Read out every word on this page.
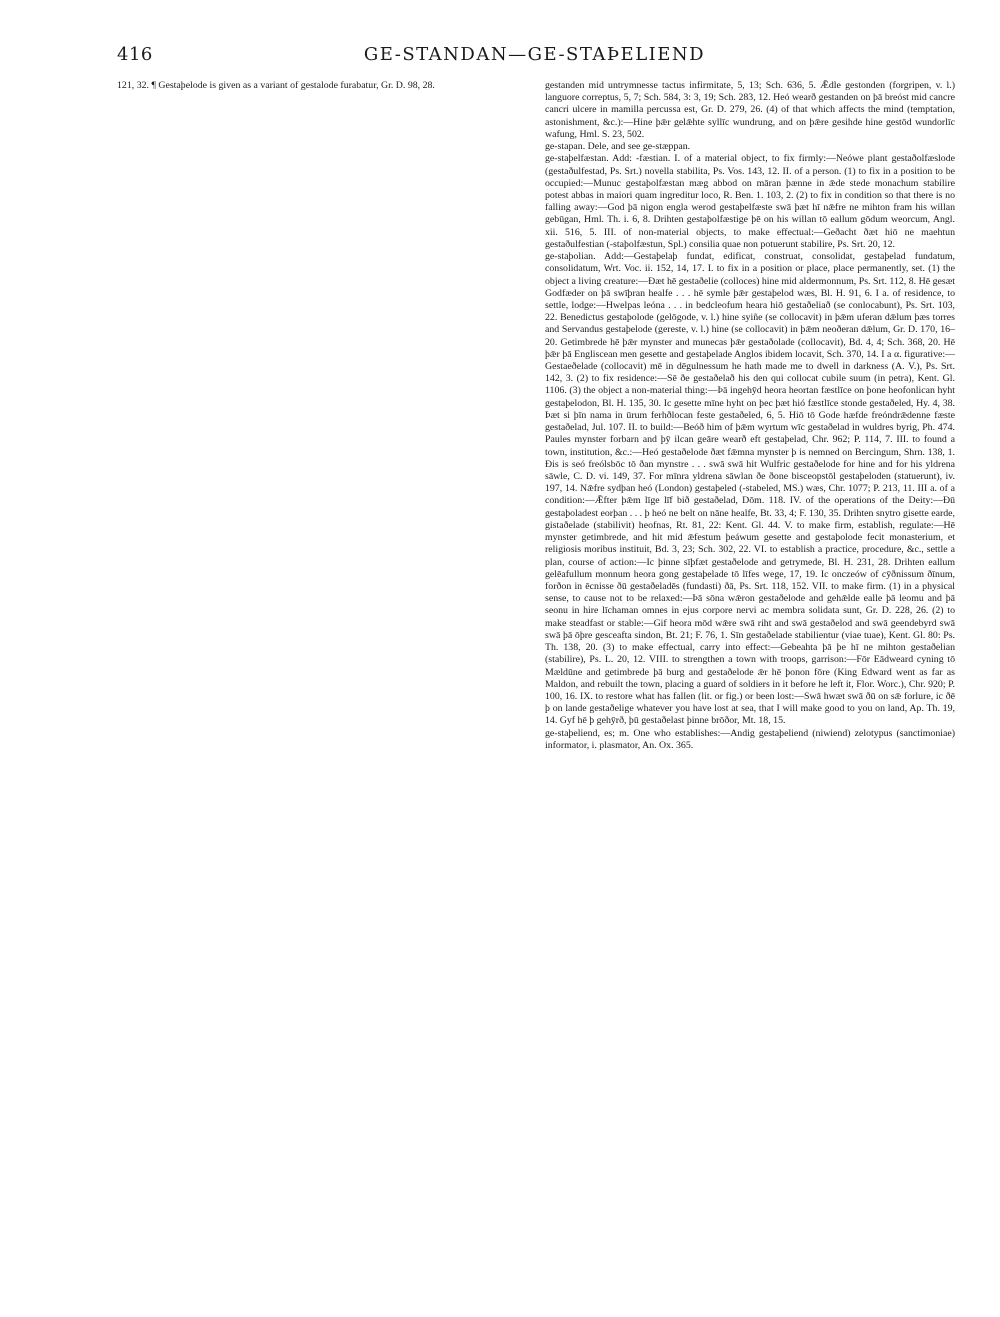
416	GE-STANDAN—GE-STAÞELIEND

121, 32. ¶ Gestaþelode is given as a variant of gestalode furabatur, Gr. D. 98, 28.	gestanden mid untrymnesse tactus infirmitate, 5, 13; Sch. 636, 5. Ǣdle gestonden (forgripen, v. l.) languore correptus, 5, 7; Sch. 584, 3: 3, 19; Sch. 283, 12. Heó wearð gestanden on þā breóst mid cancre cancri ulcere in mamilla percussa est, Gr. D. 279, 26. (4) of that which affects the mind (temptation, astonishment, &c.):—Hine þǣr gelǣhte syllīc wundrung, and on þǣre gesihde hine gestōd wundorlīc wafung, Hml. S. 23, 502.

ge-stapan. Dele, and see ge-stæppan.

ge-staþelfæstan. Add: -fæstian. I. of a material object, to fix firmly:—Neówe plant gestaðolfæslode (gestaðulfestad, Ps. Srt.) novella stabilita, Ps. Vos. 143, 12. II. of a person. (1) to fix in a position to be occupied:—Munuc gestaþolfæstan mæg abbod on māran þænne in ǣde stede monachum stabilire potest abbas in maiori quam ingreditur loco, R. Ben. 1. 103, 2. (2) to fix in condition so that there is no falling away:—God þā nigon engla werod gestaþelfæste swā þæt hī nǣfre ne mihton fram his willan gebūgan, Hml. Th. i. 6, 8. Drihten gestaþolfæstige þē on his willan tō eallum gōdum weorcum, Angl. xii. 516, 5. III. of non-material objects, to make effectual:—Geðacht ðæt hiō ne maehtun gestaðulfestian (-staþolfæstun, Spl.) consilia quae non potuerunt stabilire, Ps. Srt. 20, 12.

ge-staþolian. Add:—Gestaþelaþ fundat, edificat, construat, consolidat, gestaþelad fundatum, consolidatum, Wrt. Voc. ii. 152, 14, 17. I. to fix in a position or place, place permanently, set. (1) the object a living creature:—Ðæt hē gestaðelie (colloces) hine mid aldermonnum, Ps. Srt. 112, 8. Hē gesæt Godfæder on þā swīþran healfe . . . hē symle þǣr gestaþelod wæs, Bl. H. 91, 6. I a. of residence, to settle, lodge:—Hwelpas leóna . . . in bedcleofum heara hiō gestaðeliað (se conlocabunt), Ps. Srt. 103, 22. Benedictus gestaþolode (gelōgode, v. l.) hine syiñe (se collocavit) in þǣm uferan dǣlum þæs torres and Servandus gestaþelode (gereste, v. l.) hine (se collocavit) in þǣm neoðeran dǣlum, Gr. D. 170, 16–20. Getimbrede hē þǣr mynster and munecas þǣr gestaðolade (collocavit), Bd. 4, 4; Sch. 368, 20. Hē þǣr þā Engliscean men gesette and gestaþelade Anglos ibidem locavit, Sch. 370, 14. I a α. figurative:—Gestaeðelade (collocavit) mē in dēgulnessum he hath made me to dwell in darkness (A. V.), Ps. Srt. 142, 3. (2) to fix residence:—Sē ðe gestaðelað his den qui collocat cubile suum (in petra), Kent. Gl. 1106. (3) the object a non-material thing:—Þā ingehȳd heora heortan fæstlīce on þone heofonlican hyht gestaþelodon, Bl. H. 135, 30. Ic gesette mīne hyht on þec þæt hió fæstlīce stonde gestaðeled, Hy. 4, 38. Þæt si þīn nama in ūrum ferhðlocan feste gestaðeled, 6, 5. Hiō tō Gode hæfde freóndrǣdenne fæste gestaðelad, Jul. 107. II. to build:—Beóð him of þǣm wyrtum wīc gestaðelad in wuldres byrig, Ph. 474. Paules mynster forbarn and þȳ ilcan geāre wearð eft gestaþelad, Chr. 962; P. 114, 7. III. to found a town, institution, &c.:—Heó gestaðelode ðæt fǣmna mynster þ is nemned on Bercingum, Shrn. 138, 1. Ðis is seó freólsbōc tō ðan mynstre . . . swā swā hit Wulfric gestaðelode for hine and for his yldrena sāwle, C. D. vi. 149, 37. For mīnra yldrena sāwlan ðe ðone bisceopstōl gestaþeloden (statuerunt), iv. 197, 14. Nǣfre sydþan heó (London) gestaþeled (-stabeled, MS.) wæs, Chr. 1077; P. 213, 11. III a. of a condition:—Ǣfter þǣm līge lī̄f bið gestaðelad, Dōm. 118. IV. of the operations of the Deity:—Ðū gestaþoladest eorþan . . . þ heó ne belt on nāne healfe, Bt. 33, 4; F. 130, 35. Drihten snytro gisette earde, gistaðelade (stabilivit) heofnas, Rt. 81, 22: Kent. Gl. 44. V. to make firm, establish, regulate:—Hē mynster getimbrede, and hit mid ǣfestum þeáwum gesette and gestaþolode fecit monasterium, et religiosis moribus instituit, Bd. 3, 23; Sch. 302, 22. VI. to establish a practice, procedure, &c., settle a plan, course of action:—Ic þinne sīþfæt gestaðelode and getrymede, Bl. H. 231, 28. Drihten eallum gelēafullum monnum heora gong gestaþelade tō līfes wege, 17, 19. Ic onczeów of cȳðnissum ðīnum, forðon in ēcnisse ðū gestaðeladēs (fundasti) ðā, Ps. Srt. 118, 152. VII. to make firm. (1) in a physical sense, to cause not to be relaxed:—Þā sōna wǣron gestaðelode and gehǣlde ealle þā leomu and þā seonu in hire līchaman omnes in ejus corpore nervi ac membra solidata sunt, Gr. D. 228, 26. (2) to make steadfast or stable:—Gif heora mōd wǣre swā riht and swā gestaðelod and swā geendebyrd swā swā þā ōþre gesceafta sindon, Bt. 21; F. 76, 1. Sīn gestaðelade stabilientur (viae tuae), Kent. Gl. 80: Ps. Th. 138, 20. (3) to make effectual, carry into effect:—Gebeahta þā þe hī ne mihton gestaðelian (stabilire), Ps. L. 20, 12. VIII. to strengthen a town with troops, garrison:—Fōr Eādweard cyning tō Mældūne and getimbrede þā burg and gestaðelode ǣr hē þonon fōre (King Edward went as far as Maldon, and rebuilt the town, placing a guard of soldiers in it before he left it, Flor. Worc.), Chr. 920; P. 100, 16. IX. to restore what has fallen (lit. or fig.) or been lost:—Swā hwæt swā ðū on sǣ forlure, ic ðē þ on lande gestaðelige whatever you have lost at sea, that I will make good to you on land, Ap. Th. 19, 14. Gyf hē þ gehȳrð, þū gestaðelast þinne brōðor, Mt. 18, 15.

ge-staþeliend, es; m. One who establishes:—Andig gestaþeliend (niwiend) zelotypus (sanctimoniae) informator, i. plasmator, An. Ox. 365.
